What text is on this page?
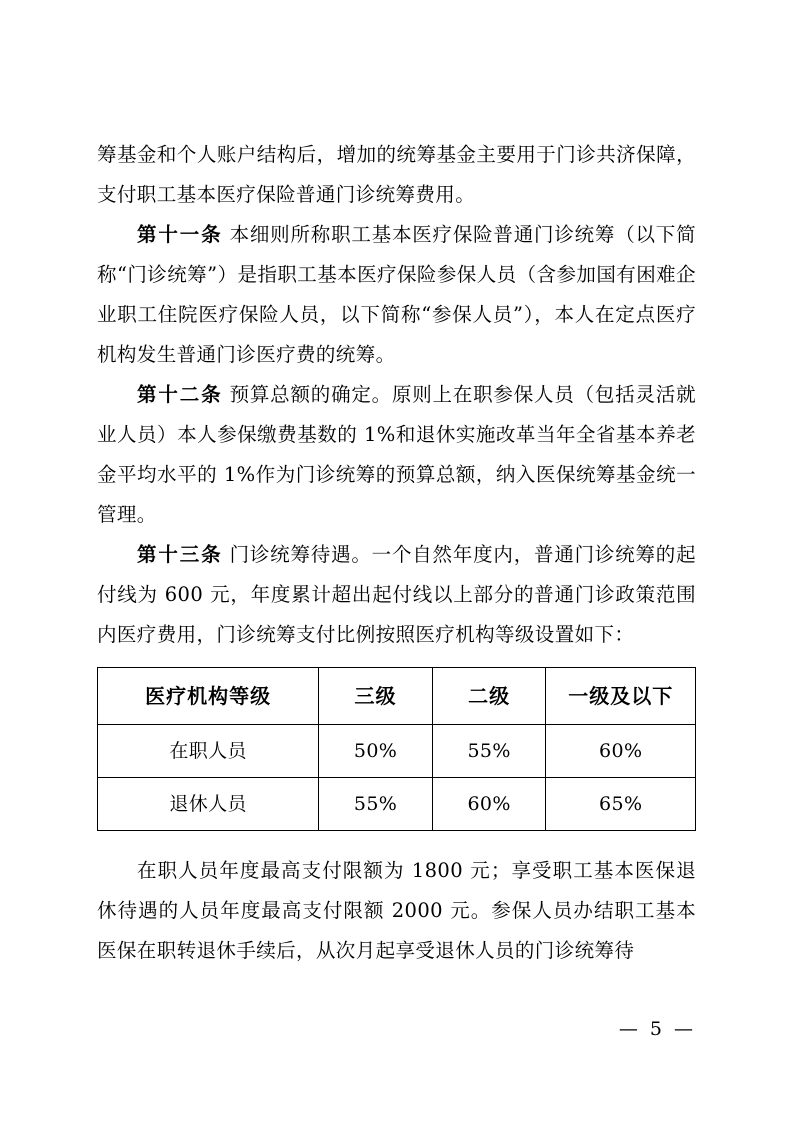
筹基金和个人账户结构后，增加的统筹基金主要用于门诊共济保障，支付职工基本医疗保险普通门诊统筹费用。

第十一条 本细则所称职工基本医疗保险普通门诊统筹（以下简称“门诊统筹”）是指职工基本医疗保险参保人员（含参加国有困难企业职工住院医疗保险人员，以下简称“参保人员”），本人在定点医疗机构发生普通门诊医疗费的统筹。

第十二条 预算总额的确定。原则上在职参保人员（包括灵活就业人员）本人参保缴费基数的 1%和退休实施改革当年全省基本养老金平均水平的 1%作为门诊统筹的预算总额，纳入医保统筹基金统一管理。

第十三条 门诊统筹待遇。一个自然年度内，普通门诊统筹的起付线为 600 元，年度累计超出起付线以上部分的普通门诊政策范围内医疗费用，门诊统筹支付比例按照医疗机构等级设置如下：

医疗机构等级	三级	二级	一级及以下
在职人员	50%	55%	60%
退休人员	55%	60%	65%

在职人员年度最高支付限额为 1800 元；享受职工基本医保退休待遇的人员年度最高支付限额 2000 元。参保人员办结职工基本医保在职转退休手续后，从次月起享受退休人员的门诊统筹待

— 5 —
